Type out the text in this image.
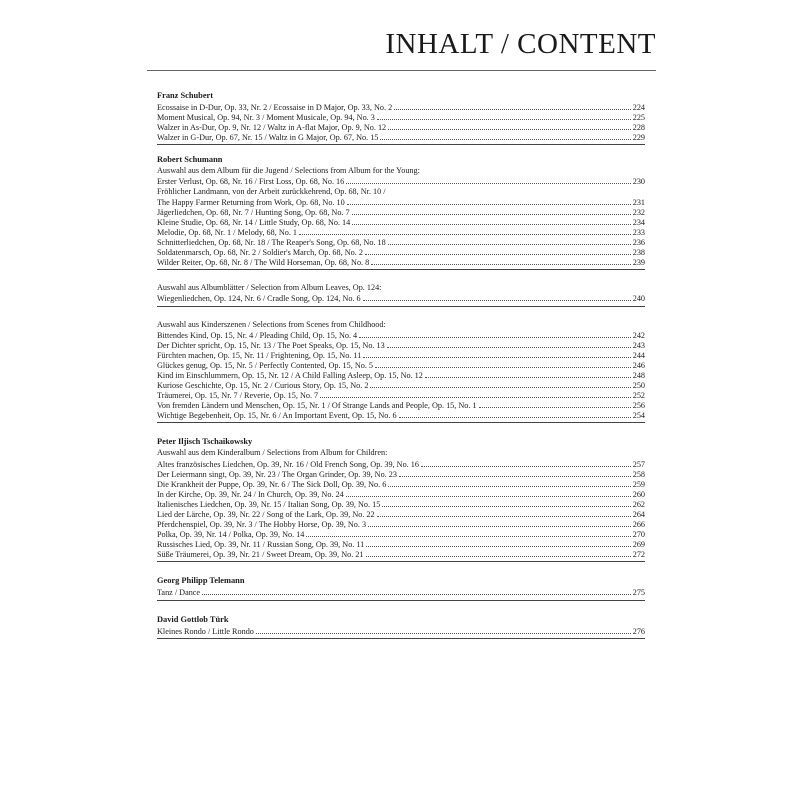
INHALT / CONTENT
Franz Schubert
Ecossaise in D-Dur, Op. 33, Nr. 2 / Ecossaise in D Major, Op. 33, No. 2	224
Moment Musical, Op. 94, Nr. 3 / Moment Musicale, Op. 94, No. 3	225
Walzer in As-Dur, Op. 9, Nr. 12 / Waltz in A-flat Major, Op. 9, No. 12	228
Walzer in G-Dur, Op. 67, Nr. 15 / Waltz in G Major, Op. 67, No. 15	229
Robert Schumann
Auswahl aus dem Album für die Jugend / Selections from Album for the Young:
Erster Verlust, Op. 68, Nr. 16 / First Loss, Op. 68, No. 16	230
Fröhlicher Landmann, von der Arbeit zurückkehrend, Op. 68, Nr. 10 /
The Happy Farmer Returning from Work, Op. 68, No. 10	231
Jägerliedchen, Op. 68, Nr. 7 / Hunting Song, Op. 68, No. 7	232
Kleine Studie, Op. 68, Nr. 14 / Little Study, Op. 68, No. 14	234
Melodie, Op. 68, Nr. 1 / Melody, 68, No. 1	233
Schnitterliedchen, Op. 68, Nr. 18 / The Reaper's Song, Op. 68, No. 18	236
Soldatenmarsch, Op. 68, Nr. 2 / Soldier's March, Op. 68, No. 2	238
Wilder Reiter, Op. 68, Nr. 8 / The Wild Horseman, Op. 68, No. 8	239
Auswahl aus Albumblätter / Selection from Album Leaves, Op. 124:
Wiegenliedchen, Op. 124, Nr. 6 / Cradle Song, Op. 124, No. 6	240
Auswahl aus Kinderszenen / Selections from Scenes from Childhood:
Bittendes Kind, Op. 15, Nr. 4 / Pleading Child, Op. 15, No. 4	242
Der Dichter spricht, Op. 15, Nr. 13 / The Poet Speaks, Op. 15, No. 13	243
Fürchten machen, Op. 15, Nr. 11 / Frightening, Op. 15, No. 11	244
Glückes genug, Op. 15, Nr. 5 / Perfectly Contented, Op. 15, No. 5	246
Kind im Einschlummern, Op. 15, Nr. 12 / A Child Falling Asleep, Op. 15, No. 12	248
Kuriose Geschichte, Op. 15, Nr. 2 / Curious Story, Op. 15, No. 2	250
Träumerei, Op. 15, Nr. 7 / Reverie, Op. 15, No. 7	252
Von fremden Ländern und Menschen, Op. 15, Nr. 1 / Of Strange Lands and People, Op. 15, No. 1	256
Wichtige Begebenheit, Op. 15, Nr. 6 / An Important Event, Op. 15, No. 6	254
Peter Iljisch Tschaikowsky
Auswahl aus dem Kinderalbum / Selections from Album for Children:
Altes französisches Liedchen, Op. 39, Nr. 16 / Old French Song, Op. 39, No. 16	257
Der Leiermann singt, Op. 39, Nr. 23 / The Organ Grinder, Op. 39, No. 23	258
Die Krankheit der Puppe, Op. 39, Nr. 6 / The Sick Doll, Op. 39, No. 6	259
In der Kirche, Op. 39, Nr. 24 / In Church, Op. 39, No. 24	260
Italienisches Liedchen, Op. 39, Nr. 15 / Italian Song, Op. 39, No. 15	262
Lied der Lärche, Op. 39, Nr. 22 / Song of the Lark, Op. 39, No. 22	264
Pferdchenspiel, Op. 39, Nr. 3 / The Hobby Horse, Op. 39, No. 3	266
Polka, Op. 39, Nr. 14 / Polka, Op. 39, No. 14	270
Russisches Lied, Op. 39, Nr. 11 / Russian Song, Op. 39, No. 11	269
Süße Träumerei, Op. 39, Nr. 21 / Sweet Dream, Op. 39, No. 21	272
Georg Philipp Telemann
Tanz / Dance	275
David Gottlob Türk
Kleines Rondo / Little Rondo	276
